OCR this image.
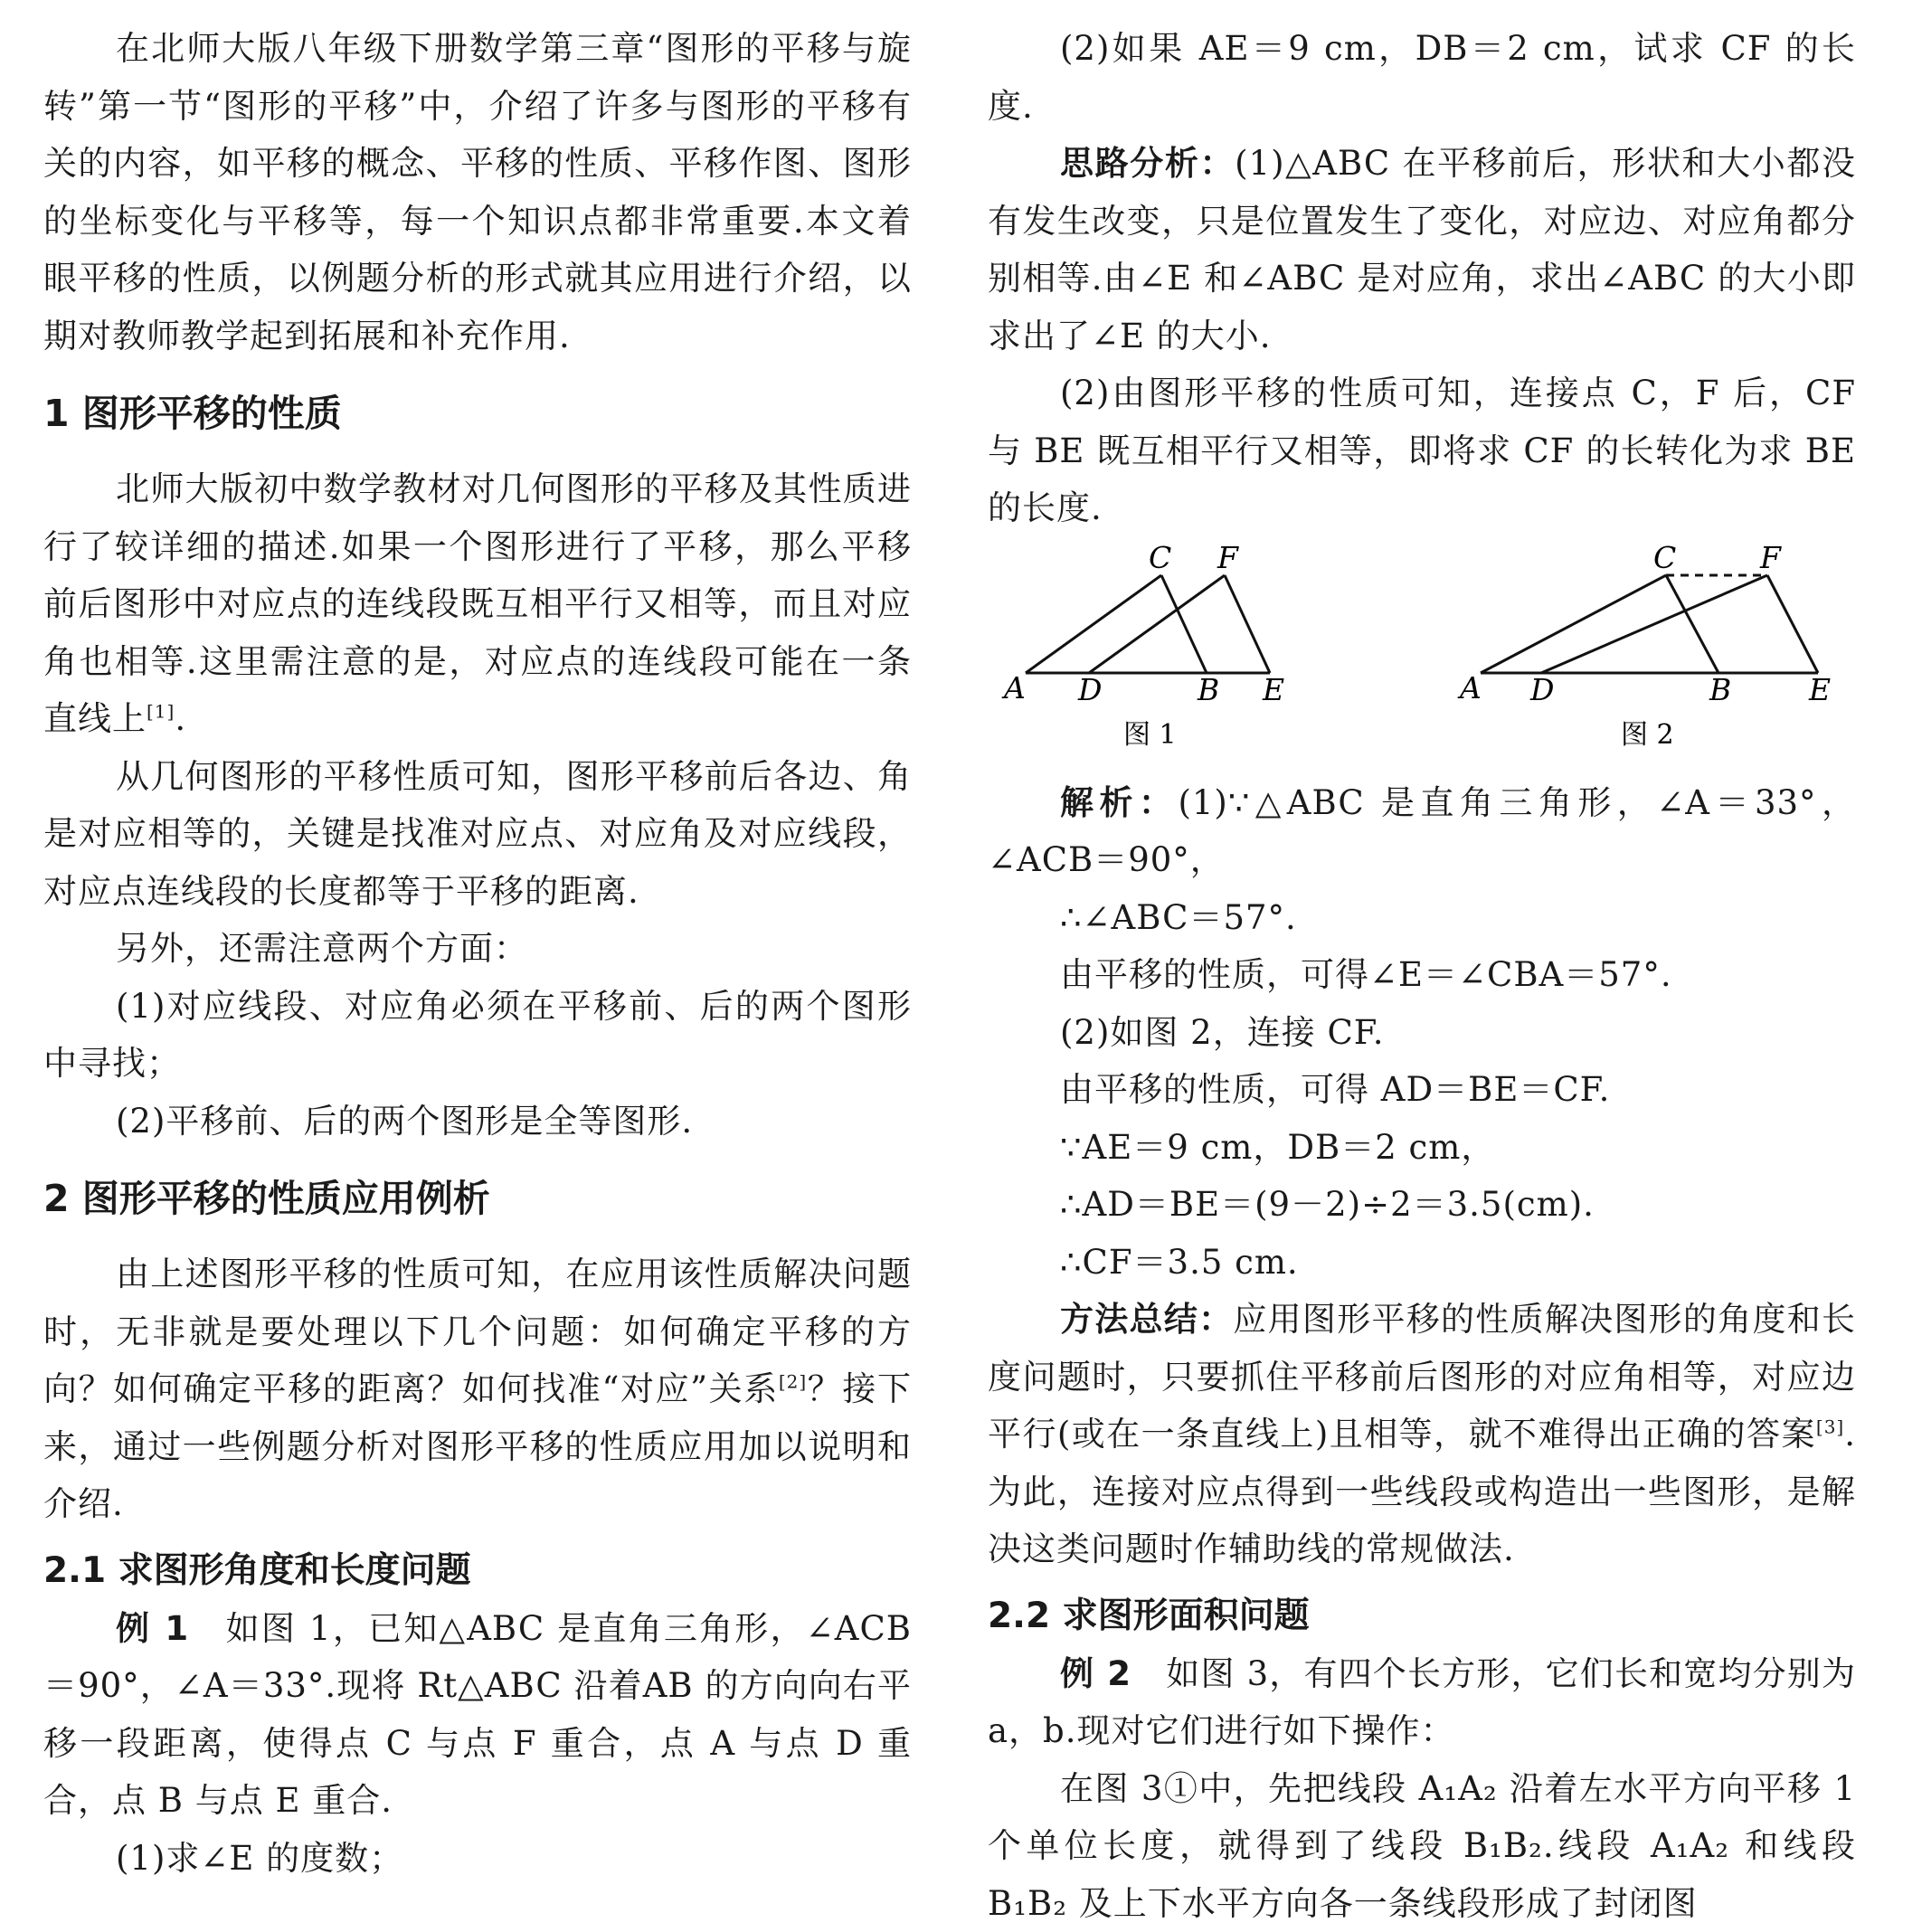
在北师大版八年级下册数学第三章“图形的平移与旋转”第一节“图形的平移”中，介绍了许多与图形的平移有关的内容，如平移的概念、平移的性质、平移作图、图形的坐标变化与平移等，每一个知识点都非常重要.本文着眼平移的性质，以例题分析的形式就其应用进行介绍，以期对教师教学起到拓展和补充作用.

1 图形平移的性质

北师大版初中数学教材对几何图形的平移及其性质进行了较详细的描述.如果一个图形进行了平移，那么平移前后图形中对应点的连线段既互相平行又相等，而且对应角也相等.这里需注意的是，对应点的连线段可能在一条直线上[1].

从几何图形的平移性质可知，图形平移前后各边、角是对应相等的，关键是找准对应点、对应角及对应线段，对应点连线段的长度都等于平移的距离.

另外，还需注意两个方面：

(1)对应线段、对应角必须在平移前、后的两个图形中寻找；

(2)平移前、后的两个图形是全等图形.

2 图形平移的性质应用例析

由上述图形平移的性质可知，在应用该性质解决问题时，无非就是要处理以下几个问题：如何确定平移的方向？如何确定平移的距离？如何找准“对应”关系[2]？接下来，通过一些例题分析对图形平移的性质应用加以说明和介绍.

2.1 求图形角度和长度问题

例 1　如图 1，已知△ABC 是直角三角形，∠ACB＝90°，∠A＝33°.现将 Rt△ABC 沿着AB 的方向向右平移一段距离，使得点 C 与点 F 重合，点 A 与点 D 重合，点 B 与点 E 重合.

(1)求∠E 的度数；

(2)如果 AE＝9 cm，DB＝2 cm，试求 CF 的长度.

思路分析：(1)△ABC 在平移前后，形状和大小都没有发生改变，只是位置发生了变化，对应边、对应角都分别相等.由∠E 和∠ABC 是对应角，求出∠ABC 的大小即求出了∠E 的大小.

(2)由图形平移的性质可知，连接点 C，F 后，CF 与 BE 既互相平行又相等，即将求 CF 的长转化为求 BE 的长度.

A D	B E
C F
图 1
A D	B	E
C	F
图 2

解析：(1)∵△ABC 是直角三角形，∠A＝33°，∠ACB＝90°，

∴∠ABC＝57°.

由平移的性质，可得∠E＝∠CBA＝57°.

(2)如图 2，连接 CF.

由平移的性质，可得 AD＝BE＝CF.

∵AE＝9 cm，DB＝2 cm，

∴AD＝BE＝(9－2)÷2＝3.5(cm).

∴CF＝3.5 cm.

方法总结：应用图形平移的性质解决图形的角度和长度问题时，只要抓住平移前后图形的对应角相等，对应边平行(或在一条直线上)且相等，就不难得出正确的答案[3].为此，连接对应点得到一些线段或构造出一些图形，是解决这类问题时作辅助线的常规做法.

2.2 求图形面积问题

例 2　如图 3，有四个长方形，它们长和宽均分别为 a，b.现对它们进行如下操作：

在图 3①中，先把线段 A₁A₂ 沿着左水平方向平移 1 个单位长度，就得到了线段 B₁B₂.线段 A₁A₂ 和线段 B₁B₂ 及上下水平方向各一条线段形成了封闭图
